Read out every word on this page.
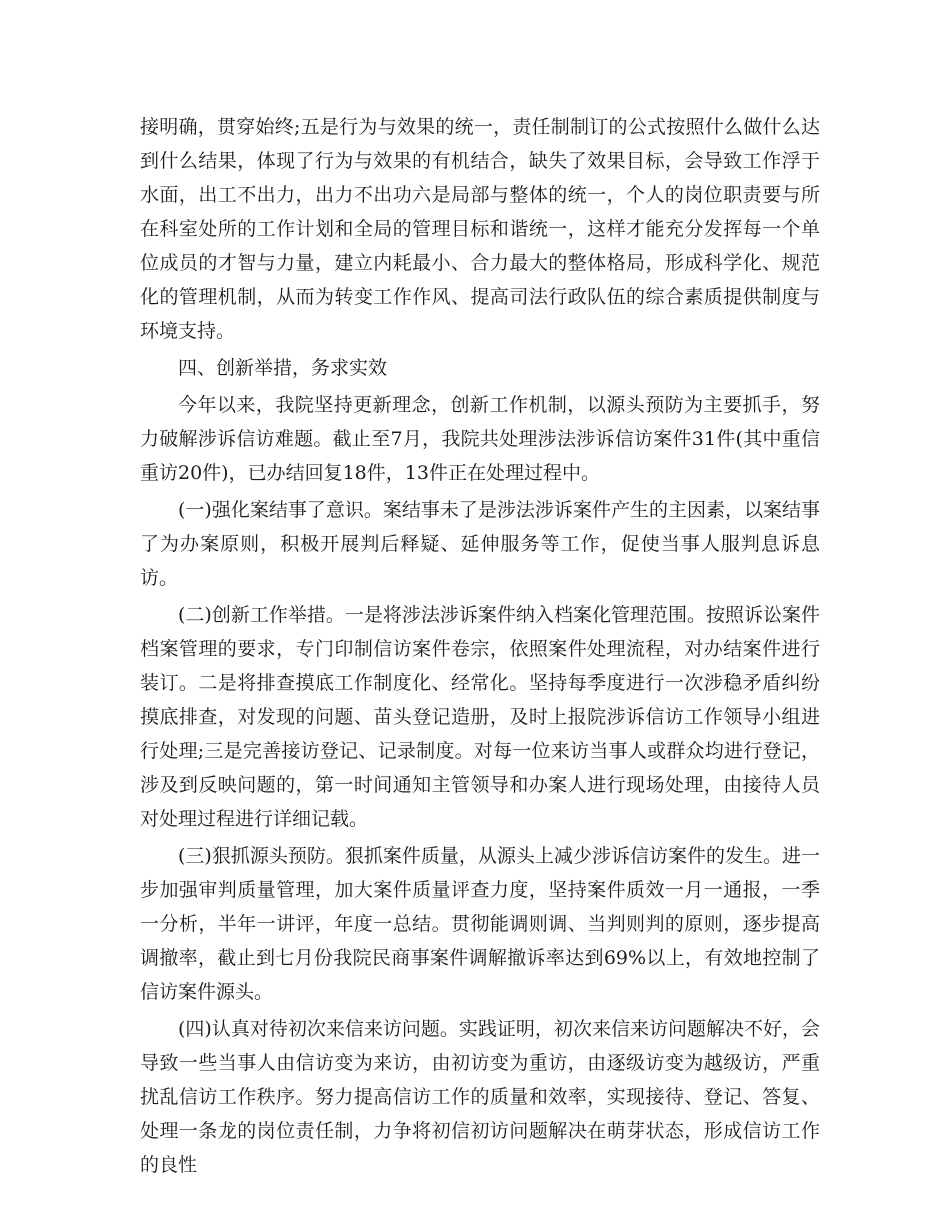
接明确，贯穿始终;五是行为与效果的统一，责任制制订的公式按照什么做什么达到什么结果，体现了行为与效果的有机结合，缺失了效果目标，会导致工作浮于水面，出工不出力，出力不出功六是局部与整体的统一，个人的岗位职责要与所在科室处所的工作计划和全局的管理目标和谐统一，这样才能充分发挥每一个单位成员的才智与力量，建立内耗最小、合力最大的整体格局，形成科学化、规范化的管理机制，从而为转变工作作风、提高司法行政队伍的综合素质提供制度与环境支持。

四、创新举措，务求实效

今年以来，我院坚持更新理念，创新工作机制，以源头预防为主要抓手，努力破解涉诉信访难题。截止至7月，我院共处理涉法涉诉信访案件31件(其中重信重访20件)，已办结回复18件，13件正在处理过程中。

(一)强化案结事了意识。案结事未了是涉法涉诉案件产生的主因素，以案结事了为办案原则，积极开展判后释疑、延伸服务等工作，促使当事人服判息诉息访。

(二)创新工作举措。一是将涉法涉诉案件纳入档案化管理范围。按照诉讼案件档案管理的要求，专门印制信访案件卷宗，依照案件处理流程，对办结案件进行装订。二是将排查摸底工作制度化、经常化。坚持每季度进行一次涉稳矛盾纠纷摸底排查，对发现的问题、苗头登记造册，及时上报院涉诉信访工作领导小组进行处理;三是完善接访登记、记录制度。对每一位来访当事人或群众均进行登记，涉及到反映问题的，第一时间通知主管领导和办案人进行现场处理，由接待人员对处理过程进行详细记载。

(三)狠抓源头预防。狠抓案件质量，从源头上减少涉诉信访案件的发生。进一步加强审判质量管理，加大案件质量评查力度，坚持案件质效一月一通报，一季一分析，半年一讲评，年度一总结。贯彻能调则调、当判则判的原则，逐步提高调撤率，截止到七月份我院民商事案件调解撤诉率达到69%以上，有效地控制了信访案件源头。

(四)认真对待初次来信来访问题。实践证明，初次来信来访问题解决不好，会导致一些当事人由信访变为来访，由初访变为重访，由逐级访变为越级访，严重扰乱信访工作秩序。努力提高信访工作的质量和效率，实现接待、登记、答复、处理一条龙的岗位责任制，力争将初信初访问题解决在萌芽状态，形成信访工作的良性
